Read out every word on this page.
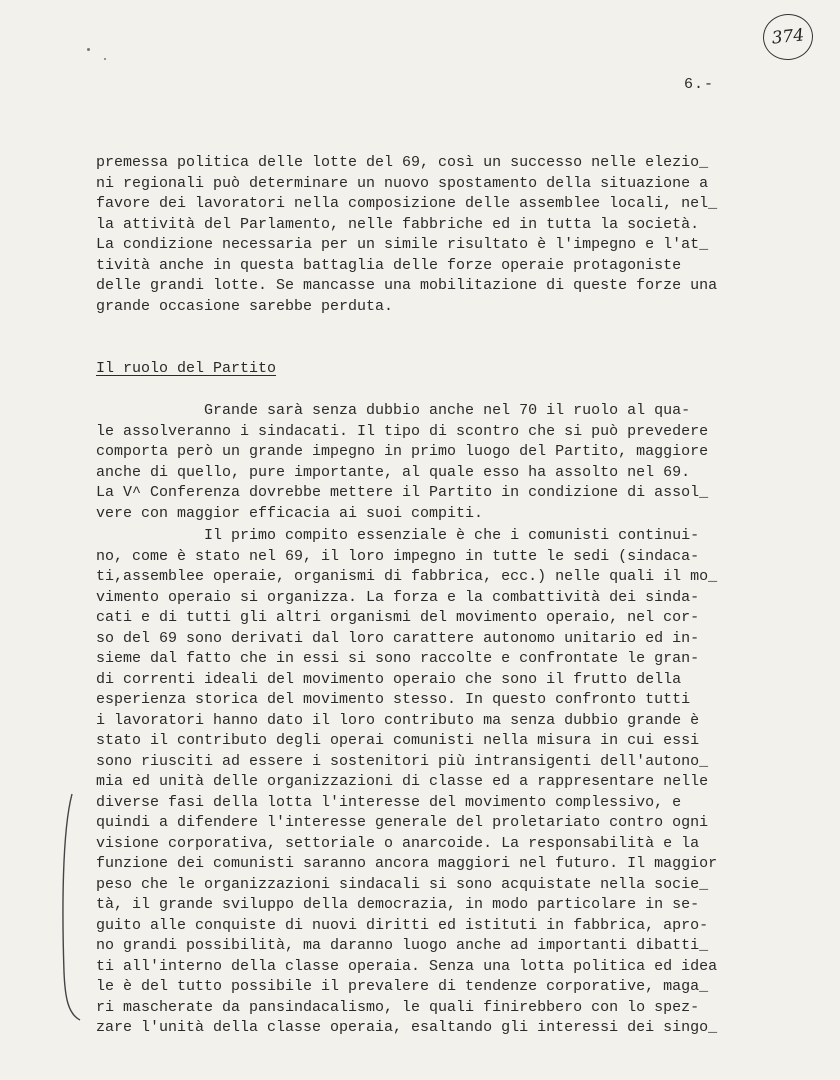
374
6.-

premessa politica delle lotte del 69, così un successo nelle elezio_
ni regionali può determinare un nuovo spostamento della situazione a
favore dei lavoratori nella composizione delle assemblee locali, nel_
la attività del Parlamento, nelle fabbriche ed in tutta la società.
La condizione necessaria per un simile risultato è l'impegno e l'at_
tività anche in questa battaglia delle forze operaie protagoniste
delle grandi lotte. Se mancasse una mobilitazione di queste forze una
grande occasione sarebbe perduta.

Il ruolo del Partito

Grande sarà senza dubbio anche nel 70 il ruolo al qua-
le assolveranno i sindacati. Il tipo di scontro che si può prevedere
comporta però un grande impegno in primo luogo del Partito, maggiore
anche di quello, pure importante, al quale esso ha assolto nel 69.
La V^ Conferenza dovrebbe mettere il Partito in condizione di assol_
vere con maggior efficacia ai suoi compiti.

Il primo compito essenziale è che i comunisti continui-
no, come è stato nel 69, il loro impegno in tutte le sedi (sindaca-
ti,assemblee operaie, organismi di fabbrica, ecc.) nelle quali il mo_
vimento operaio si organizza. La forza e la combattività dei sinda-
cati e di tutti gli altri organismi del movimento operaio, nel cor-
so del 69 sono derivati dal loro carattere autonomo unitario ed in-
sieme dal fatto che in essi si sono raccolte e confrontate le gran-
di correnti ideali del movimento operaio che sono il frutto della
esperienza storica del movimento stesso. In questo confronto tutti
i lavoratori hanno dato il loro contributo ma senza dubbio grande è
stato il contributo degli operai comunisti nella misura in cui essi
sono riusciti ad essere i sostenitori più intransigenti dell'autono_
mia ed unità delle organizzazioni di classe ed a rappresentare nelle
diverse fasi della lotta l'interesse del movimento complessivo, e
quindi a difendere l'interesse generale del proletariato contro ogni
visione corporativa, settoriale o anarcoide. La responsabilità e la
funzione dei comunisti saranno ancora maggiori nel futuro. Il maggior
peso che le organizzazioni sindacali si sono acquistate nella socie_
tà, il grande sviluppo della democrazia, in modo particolare in se-
guito alle conquiste di nuovi diritti ed istituti in fabbrica, apro-
no grandi possibilità, ma daranno luogo anche ad importanti dibatti_
ti all'interno della classe operaia. Senza una lotta politica ed idea
le è del tutto possibile il prevalere di tendenze corporative, maga_
ri mascherate da pansindacalismo, le quali finirebbero con lo spez-
zare l'unità della classe operaia, esaltando gli interessi dei singo_
